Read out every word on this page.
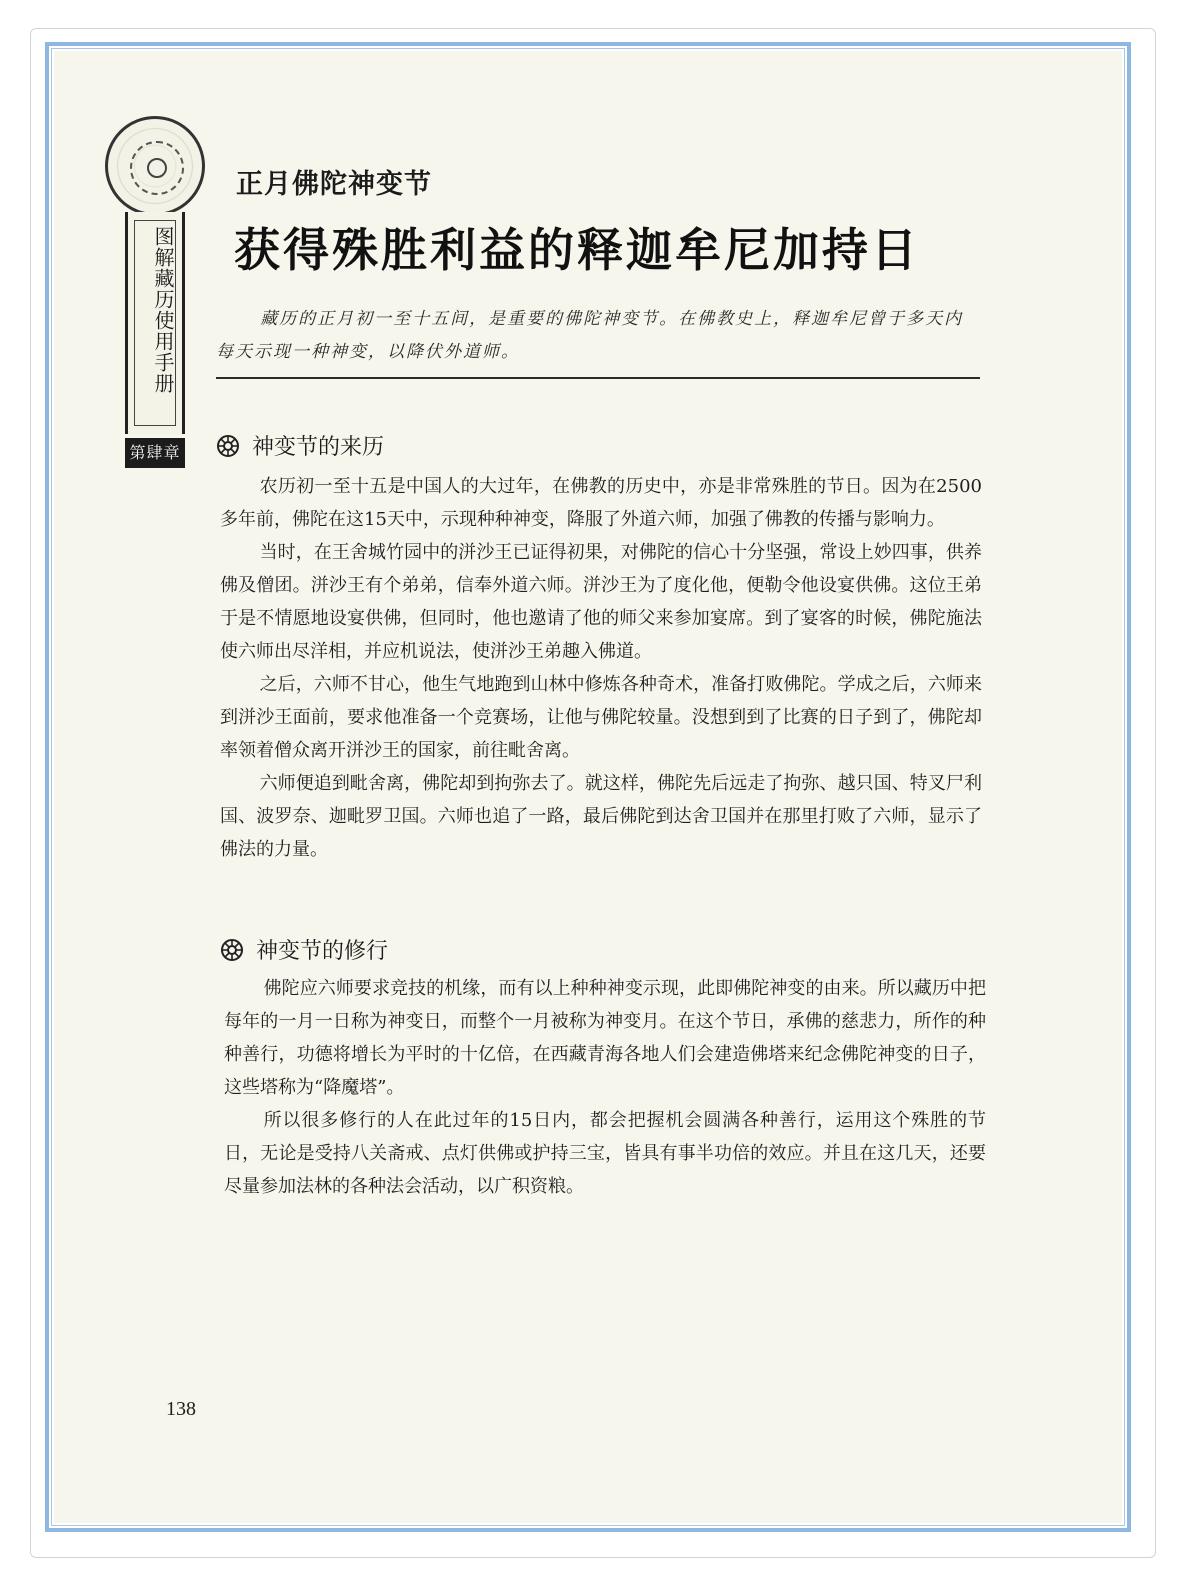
图解藏历使用手册
第肆章
正月佛陀神变节
获得殊胜利益的释迦牟尼加持日
藏历的正月初一至十五间，是重要的佛陀神变节。在佛教史上，释迦牟尼曾于多天内每天示现一种神变，以降伏外道师。
神变节的来历

农历初一至十五是中国人的大过年，在佛教的历史中，亦是非常殊胜的节日。因为在2500多年前，佛陀在这15天中，示现种种神变，降服了外道六师，加强了佛教的传播与影响力。

当时，在王舍城竹园中的洴沙王已证得初果，对佛陀的信心十分坚强，常设上妙四事，供养佛及僧团。洴沙王有个弟弟，信奉外道六师。洴沙王为了度化他，便勒令他设宴供佛。这位王弟于是不情愿地设宴供佛，但同时，他也邀请了他的师父来参加宴席。到了宴客的时候，佛陀施法使六师出尽洋相，并应机说法，使洴沙王弟趣入佛道。

之后，六师不甘心，他生气地跑到山林中修炼各种奇术，准备打败佛陀。学成之后，六师来到洴沙王面前，要求他准备一个竞赛场，让他与佛陀较量。没想到到了比赛的日子到了，佛陀却率领着僧众离开洴沙王的国家，前往毗舍离。

六师便追到毗舍离，佛陀却到拘弥去了。就这样，佛陀先后远走了拘弥、越只国、特叉尸利国、波罗奈、迦毗罗卫国。六师也追了一路，最后佛陀到达舍卫国并在那里打败了六师，显示了佛法的力量。

神变节的修行

佛陀应六师要求竞技的机缘，而有以上种种神变示现，此即佛陀神变的由来。所以藏历中把每年的一月一日称为神变日，而整个一月被称为神变月。在这个节日，承佛的慈悲力，所作的种种善行，功德将增长为平时的十亿倍，在西藏青海各地人们会建造佛塔来纪念佛陀神变的日子，这些塔称为“降魔塔”。

所以很多修行的人在此过年的15日内，都会把握机会圆满各种善行，运用这个殊胜的节日，无论是受持八关斋戒、点灯供佛或护持三宝，皆具有事半功倍的效应。并且在这几天，还要尽量参加法林的各种法会活动，以广积资粮。

138
